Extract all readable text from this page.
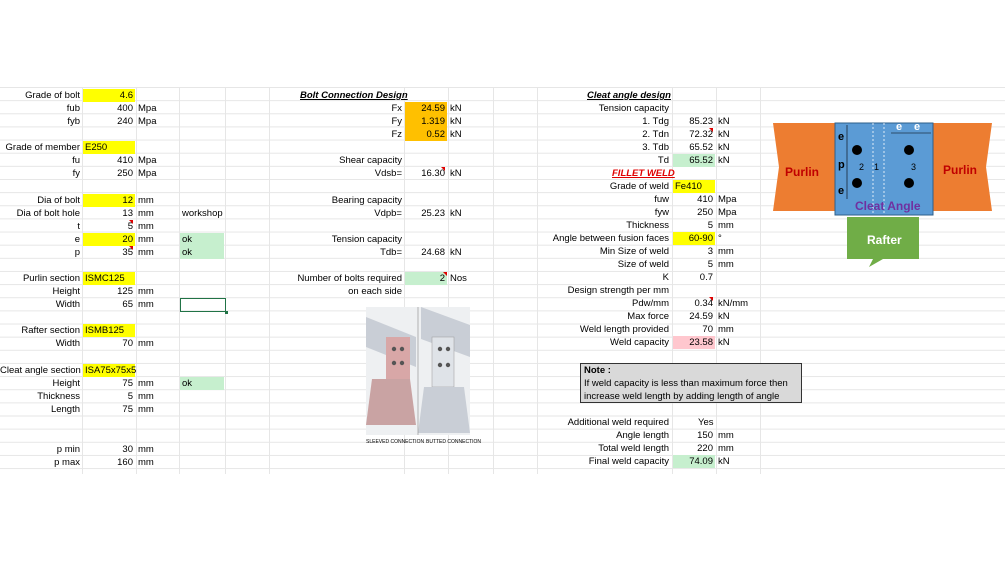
Grade of bolt	4.6
fub	400 Mpa
fyb	240 Mpa
Grade of member E250
fu	410 Mpa
fy	250 Mpa
Dia of bolt	12 mm
Dia of bolt hole	13 mm	workshop
t	5 mm
e	20 mm	ok
p	35 mm	ok
Purlin section ISMC125
Height	125 mm
Width	65 mm
Rafter section ISMB125
Width	70 mm
Cleat angle section ISA75x75x5
Height	75 mm	ok
Thickness	5 mm
Length	75 mm
p min	30 mm
p max	160 mm
Bolt Connection Design
Fx	24.59 kN
Fy	1.319 kN
Fz	0.52 kN
Shear capacity
Vdsb=	16.30 kN
Bearing capacity
Vdpb=	25.23 kN
Tension capacity
Tdb=	24.68 kN
Number of bolts required	2 Nos
on each side
SLEEVED CONNECTION BUTTED CONNECTION
Cleat angle design
Tension capacity
1. Tdg	85.23 kN
2. Tdn	72.32 kN
3. Tdb	65.52 kN
Td	65.52 kN
FILLET WELD
Grade of weld Fe410
fuw	410 Mpa
fyw	250 Mpa
Thickness	5 mm
Angle between fusion faces	60-90 °
Min Size of weld	3 mm
Size of weld	5 mm
K	0.7
Design strength per mm
Pdw/mm	0.34 kN/mm
Max force	24.59 kN
Weld length provided	70 mm
Weld capacity	23.58 kN
Note :
If weld capacity is less than maximum force then
increase weld length by adding length of angle
Additional weld required	Yes
Angle length	150 mm
Total weld length	220 mm
Final weld capacity	74.09 kN
Purlin	Purlin
Rafter
Cleat Angle
e
e e
p
e
2 1	3
